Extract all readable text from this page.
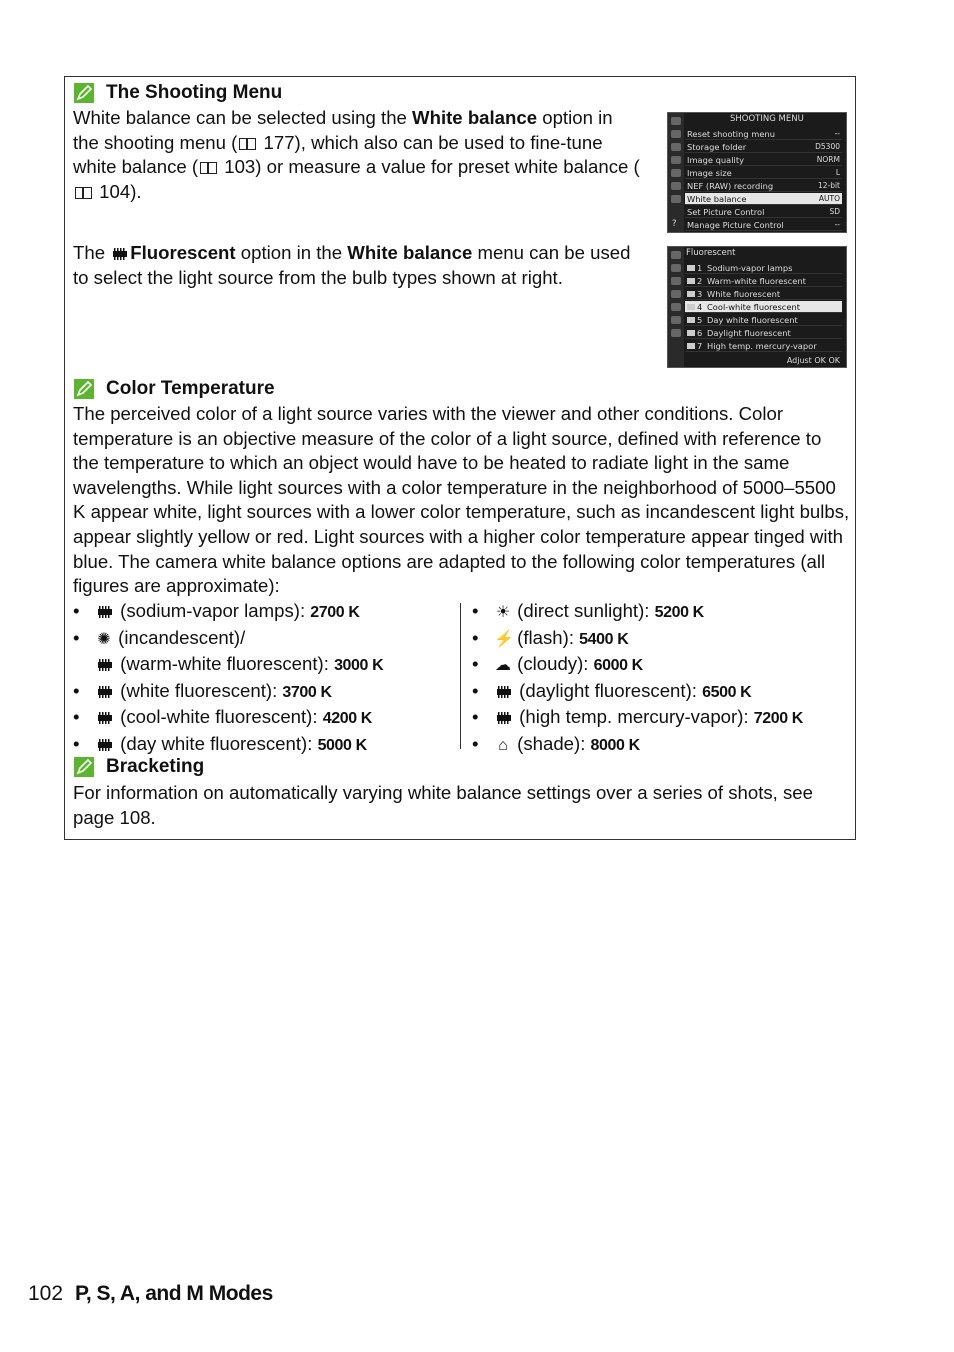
The Shooting Menu
White balance can be selected using the White balance option in the shooting menu ( 177), which also can be used to fine-tune white balance ( 103) or measure a value for preset white balance ( 104).
The Fluorescent option in the White balance menu can be used to select the light source from the bulb types shown at right.
SHOOTING MENU
Reset shooting menu	--
Storage folder	D5300
Image quality	NORM
Image size	L
NEF (RAW) recording	12-bit
White balance	AUTO
Set Picture Control	SD
Manage Picture Control	--
?
Fluorescent
1 Sodium-vapor lamps
2 Warm-white fluorescent
3 White fluorescent
4 Cool-white fluorescent
5 Day white fluorescent
6 Daylight fluorescent
7 High temp. mercury-vapor
Adjust OK OK
Color Temperature
The perceived color of a light source varies with the viewer and other conditions. Color temperature is an objective measure of the color of a light source, defined with reference to the temperature to which an object would have to be heated to radiate light in the same wavelengths. While light sources with a color temperature in the neighborhood of 5000–5500 K appear white, light sources with a lower color temperature, such as incandescent light bulbs, appear slightly yellow or red. Light sources with a higher color temperature appear tinged with blue. The camera white balance options are adapted to the following color temperatures (all figures are approximate):
• (sodium-vapor lamps): 2700 K
• ✺ (incandescent)/
(warm-white fluorescent): 3000 K
• (white fluorescent): 3700 K
• (cool-white fluorescent): 4200 K
• (day white fluorescent): 5000 K
• ☀ (direct sunlight): 5200 K
• ⚡ (flash): 5400 K
• ☁ (cloudy): 6000 K
• (daylight fluorescent): 6500 K
• (high temp. mercury-vapor): 7200 K
• ⌂ (shade): 8000 K
Bracketing
For information on automatically varying white balance settings over a series of shots, see page 108.
102 P, S, A, and M Modes
